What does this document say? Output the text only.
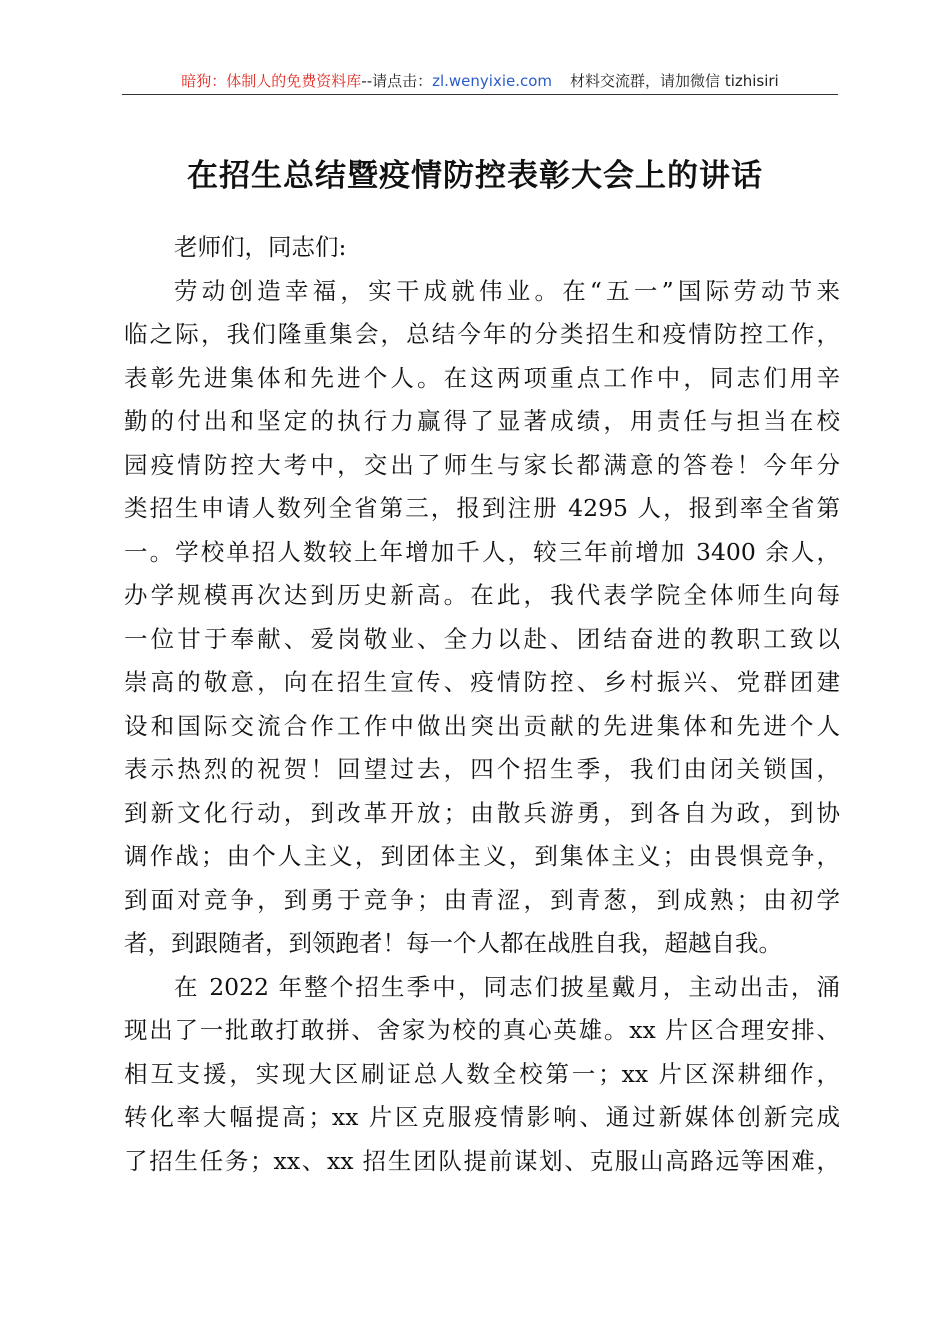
暗狗：体制人的免费资料库--请点击：zl.wenyixie.com 材料交流群，请加微信 tizhisiri
在招生总结暨疫情防控表彰大会上的讲话
老师们，同志们:
劳动创造幸福，实干成就伟业。在“五一”国际劳动节来
临之际，我们隆重集会，总结今年的分类招生和疫情防控工作，
表彰先进集体和先进个人。在这两项重点工作中，同志们用辛
勤的付出和坚定的执行力赢得了显著成绩，用责任与担当在校
园疫情防控大考中，交出了师生与家长都满意的答卷！今年分
类招生申请人数列全省第三，报到注册 4295 人，报到率全省第
一。学校单招人数较上年增加千人，较三年前增加 3400 余人，
办学规模再次达到历史新高。在此，我代表学院全体师生向每
一位甘于奉献、爱岗敬业、全力以赴、团结奋进的教职工致以
崇高的敬意，向在招生宣传、疫情防控、乡村振兴、党群团建
设和国际交流合作工作中做出突出贡献的先进集体和先进个人
表示热烈的祝贺！回望过去，四个招生季，我们由闭关锁国，
到新文化行动，到改革开放；由散兵游勇，到各自为政，到协
调作战；由个人主义，到团体主义，到集体主义；由畏惧竞争，
到面对竞争，到勇于竞争；由青涩，到青葱，到成熟；由初学
者，到跟随者，到领跑者！每一个人都在战胜自我，超越自我。
在 2022 年整个招生季中，同志们披星戴月，主动出击，涌
现出了一批敢打敢拼、舍家为校的真心英雄。xx 片区合理安排、
相互支援，实现大区刷证总人数全校第一；xx 片区深耕细作，
转化率大幅提高；xx 片区克服疫情影响、通过新媒体创新完成
了招生任务；xx、xx 招生团队提前谋划、克服山高路远等困难，
